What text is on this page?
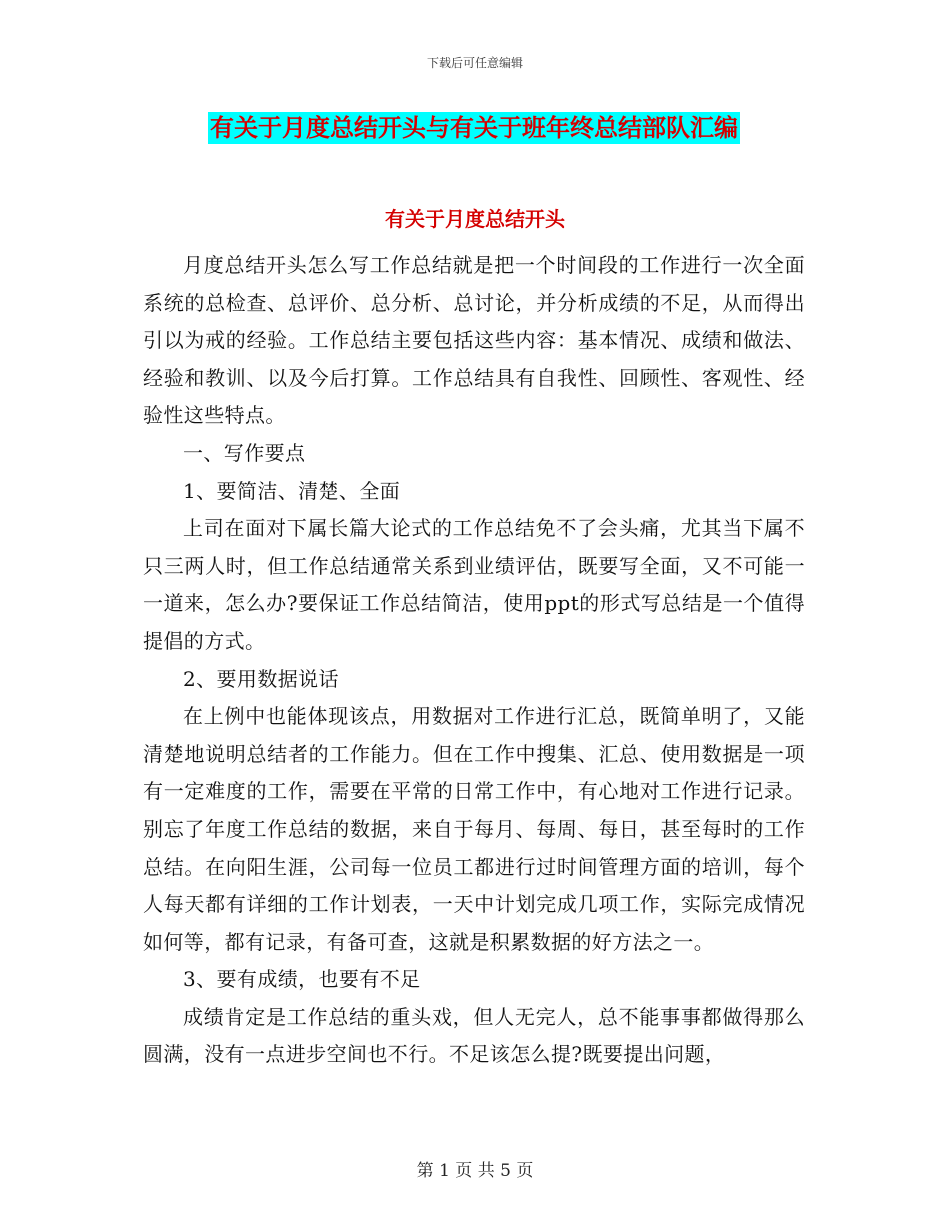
下载后可任意编辑
有关于月度总结开头与有关于班年终总结部队汇编
有关于月度总结开头

月度总结开头怎么写工作总结就是把一个时间段的工作进行一次全面系统的总检查、总评价、总分析、总讨论，并分析成绩的不足，从而得出引以为戒的经验。工作总结主要包括这些内容：基本情况、成绩和做法、经验和教训、以及今后打算。工作总结具有自我性、回顾性、客观性、经验性这些特点。

一、写作要点

1、要简洁、清楚、全面

上司在面对下属长篇大论式的工作总结免不了会头痛，尤其当下属不只三两人时，但工作总结通常关系到业绩评估，既要写全面，又不可能一一道来，怎么办?要保证工作总结简洁，使用ppt的形式写总结是一个值得提倡的方式。

2、要用数据说话

在上例中也能体现该点，用数据对工作进行汇总，既简单明了，又能清楚地说明总结者的工作能力。但在工作中搜集、汇总、使用数据是一项有一定难度的工作，需要在平常的日常工作中，有心地对工作进行记录。别忘了年度工作总结的数据，来自于每月、每周、每日，甚至每时的工作总结。在向阳生涯，公司每一位员工都进行过时间管理方面的培训，每个人每天都有详细的工作计划表，一天中计划完成几项工作，实际完成情况如何等，都有记录，有备可查，这就是积累数据的好方法之一。

3、要有成绩，也要有不足

成绩肯定是工作总结的重头戏，但人无完人，总不能事事都做得那么圆满，没有一点进步空间也不行。不足该怎么提?既要提出问题，

第 1 页 共 5 页
